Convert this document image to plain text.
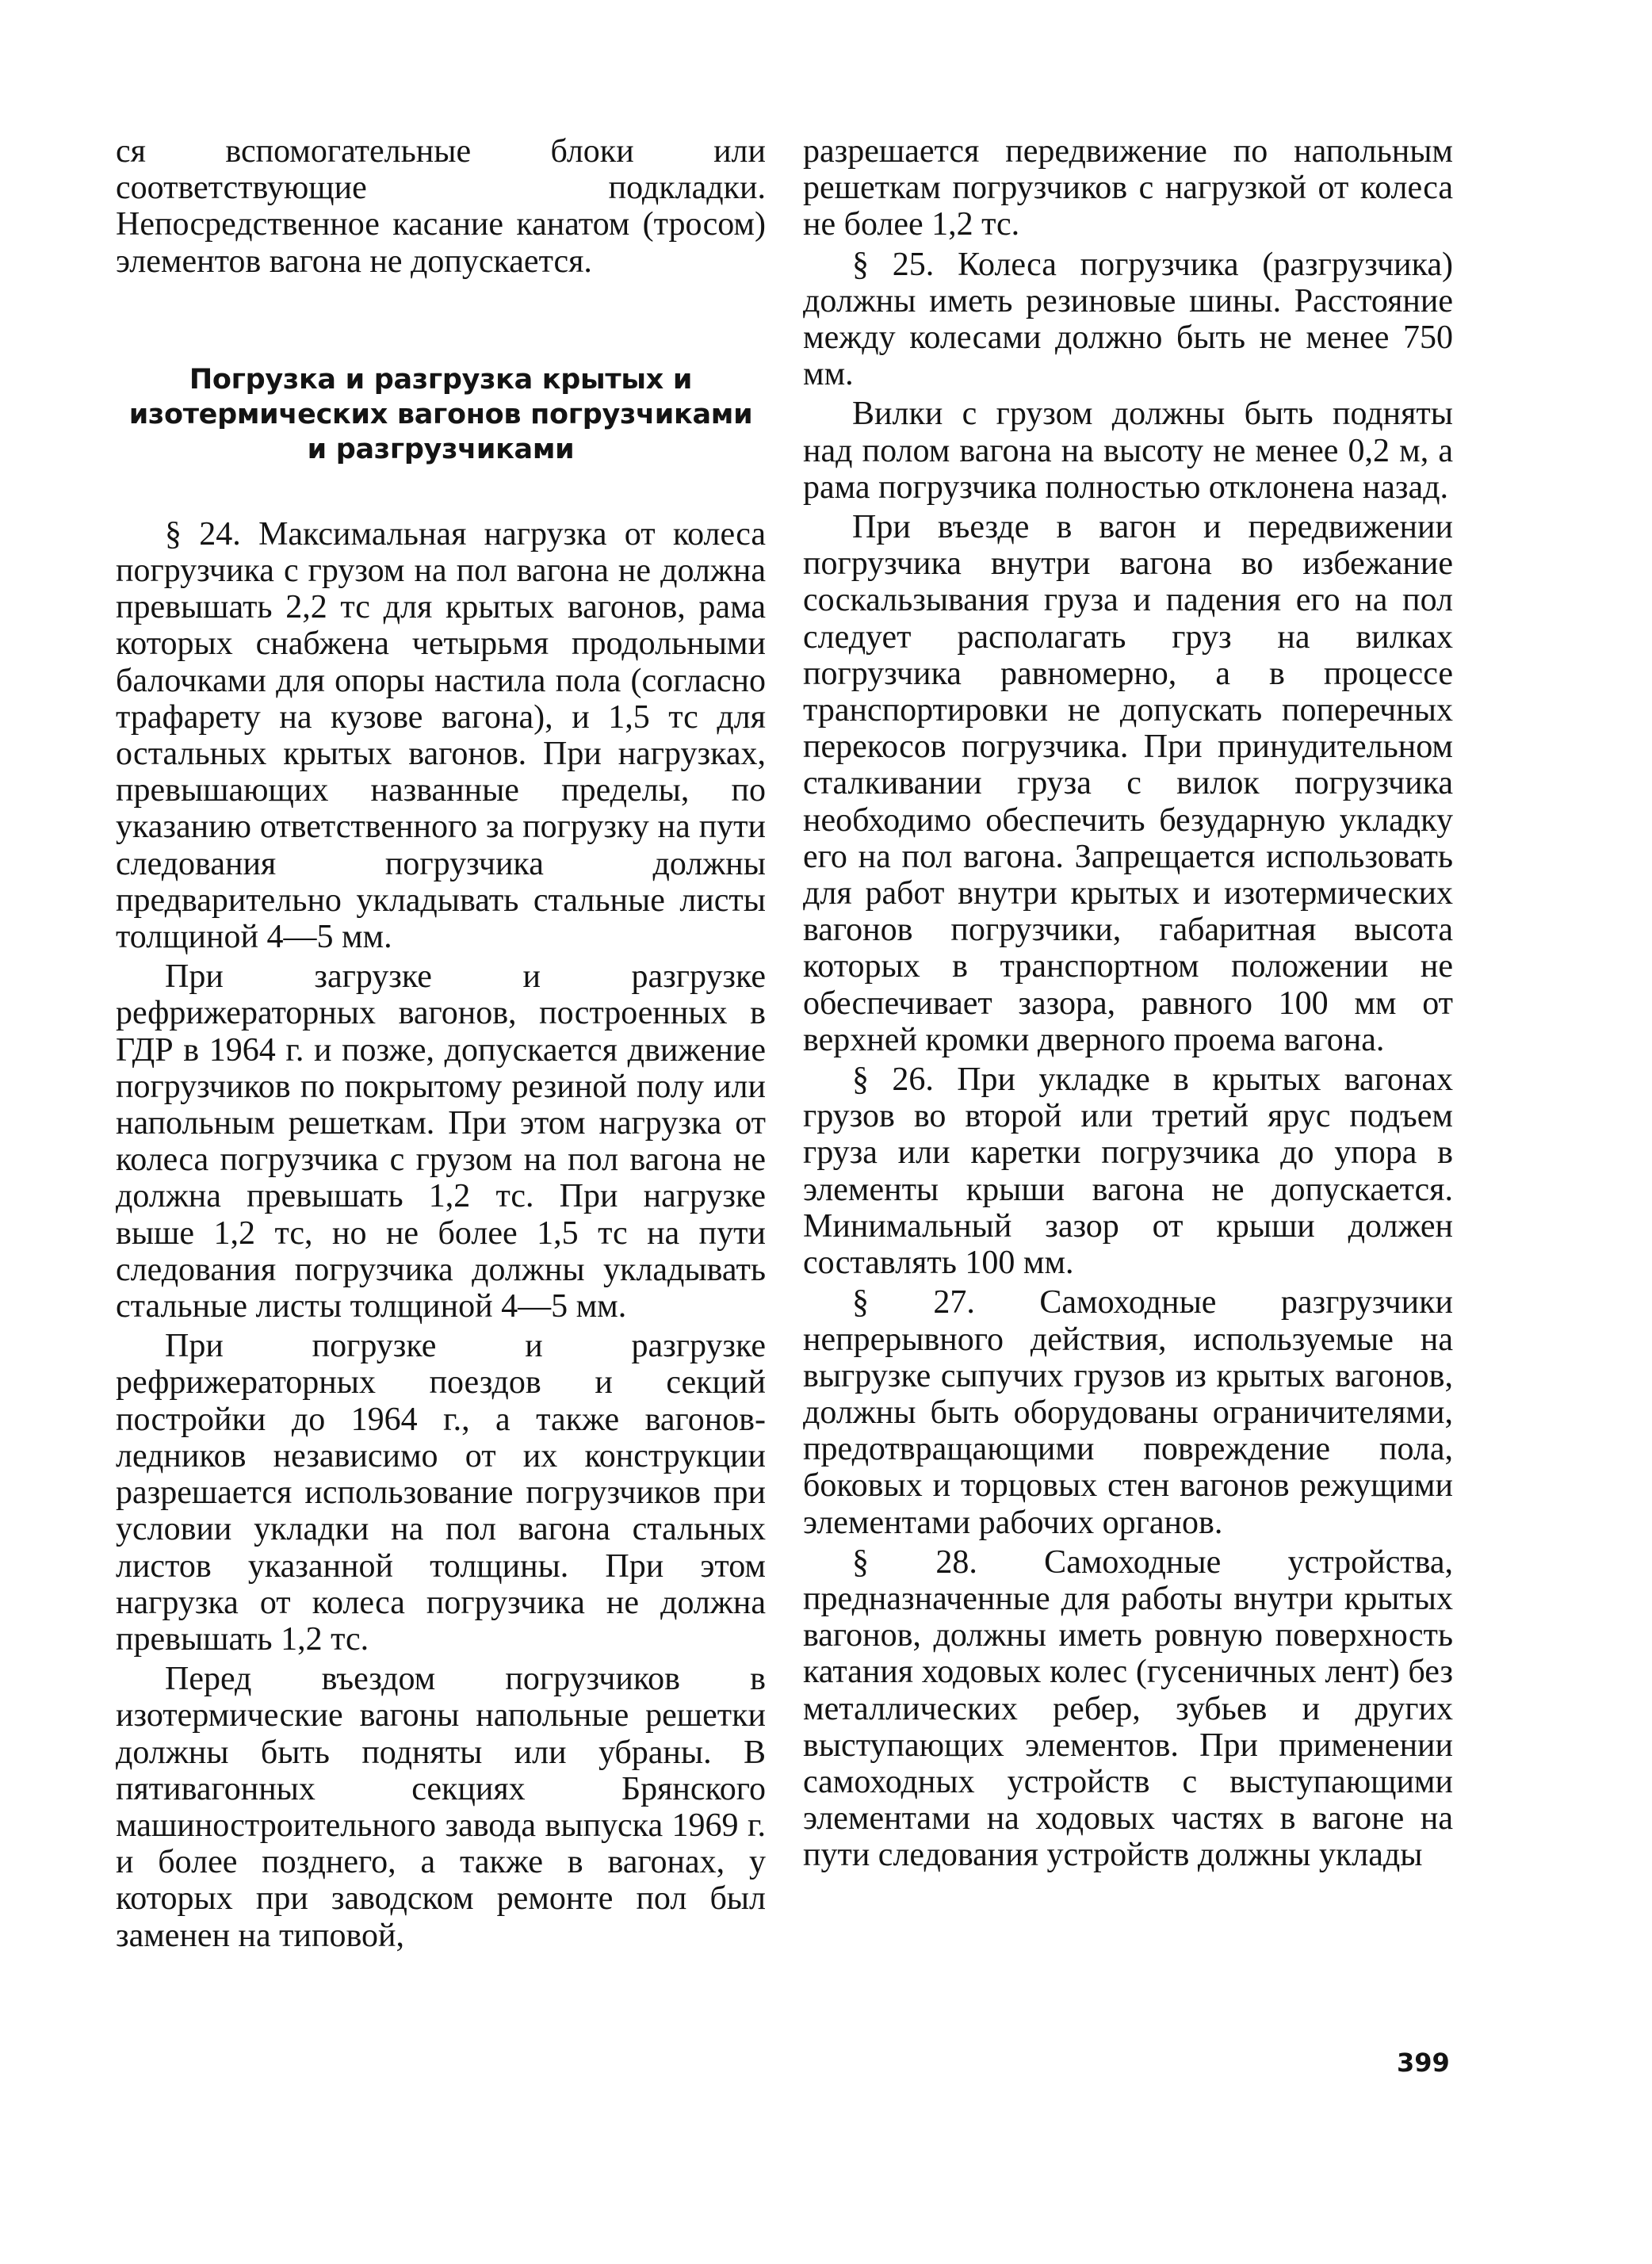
ся вспомогательные блоки или соответствующие подкладки. Непосредственное касание канатом (тросом) элементов вагона не допускается.

Погрузка и разгрузка крытых и изотермических вагонов погрузчиками и разгрузчиками

§ 24. Максимальная нагрузка от колеса погрузчика с грузом на пол вагона не должна превышать 2,2 тс для крытых вагонов, рама которых снабжена четырьмя продольными балочками для опоры настила пола (согласно трафарету на кузове вагона), и 1,5 тс для остальных крытых вагонов. При нагрузках, превышающих названные пределы, по указанию ответственного за погрузку на пути следования погрузчика должны предварительно укладывать стальные листы толщиной 4—5 мм.

При загрузке и разгрузке рефрижераторных вагонов, построенных в ГДР в 1964 г. и позже, допускается движение погрузчиков по покрытому резиной полу или напольным решеткам. При этом нагрузка от колеса погрузчика с грузом на пол вагона не должна превышать 1,2 тс. При нагрузке выше 1,2 тс, но не более 1,5 тс на пути следования погрузчика должны укладывать стальные листы толщиной 4—5 мм.

При погрузке и разгрузке рефрижераторных поездов и секций постройки до 1964 г., а также вагонов-ледников независимо от их конструкции разрешается использование погрузчиков при условии укладки на пол вагона стальных листов указанной толщины. При этом нагрузка от колеса погрузчика не должна превышать 1,2 тс.

Перед въездом погрузчиков в изотермические вагоны напольные решетки должны быть подняты или убраны. В пятивагонных секциях Брянского машиностроительного завода выпуска 1969 г. и более позднего, а также в вагонах, у которых при заводском ремонте пол был заменен на типовой,

разрешается передвижение по напольным решеткам погрузчиков с нагрузкой от колеса не более 1,2 тс.

§ 25. Колеса погрузчика (разгрузчика) должны иметь резиновые шины. Расстояние между колесами должно быть не менее 750 мм.

Вилки с грузом должны быть подняты над полом вагона на высоту не менее 0,2 м, а рама погрузчика полностью отклонена назад.

При въезде в вагон и передвижении погрузчика внутри вагона во избежание соскальзывания груза и падения его на пол следует располагать груз на вилках погрузчика равномерно, а в процессе транспортировки не допускать поперечных перекосов погрузчика. При принудительном сталкивании груза с вилок погрузчика необходимо обеспечить безударную укладку его на пол вагона. Запрещается использовать для работ внутри крытых и изотермических вагонов погрузчики, габаритная высота которых в транспортном положении не обеспечивает зазора, равного 100 мм от верхней кромки дверного проема вагона.

§ 26. При укладке в крытых вагонах грузов во второй или третий ярус подъем груза или каретки погрузчика до упора в элементы крыши вагона не допускается. Минимальный зазор от крыши должен составлять 100 мм.

§ 27. Самоходные разгрузчики непрерывного действия, используемые на выгрузке сыпучих грузов из крытых вагонов, должны быть оборудованы ограничителями, предотвращающими повреждение пола, боковых и торцовых стен вагонов режущими элементами рабочих органов.

§ 28. Самоходные устройства, предназначенные для работы внутри крытых вагонов, должны иметь ровную поверхность катания ходовых колес (гусеничных лент) без металлических ребер, зубьев и других выступающих элементов. При применении самоходных устройств с выступающими элементами на ходовых частях в вагоне на пути следования устройств должны уклады

399
